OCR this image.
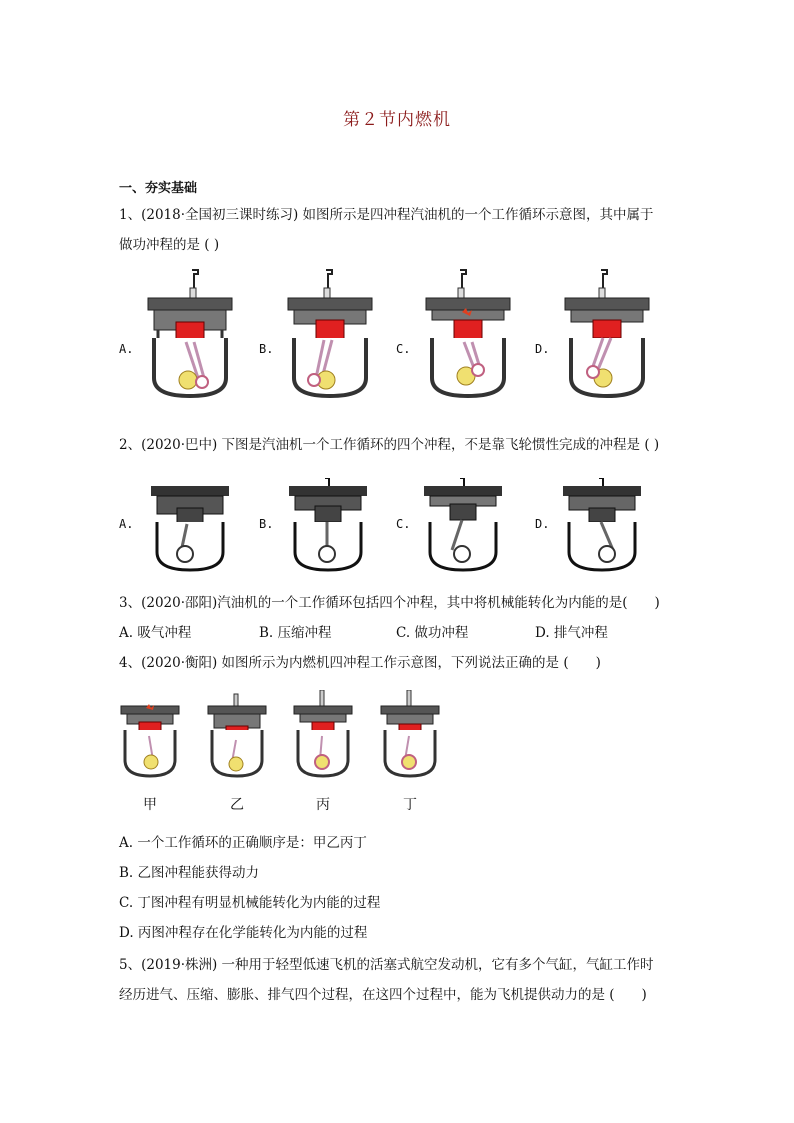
第２节内燃机
一、夯实基础
1、(2018·全国初三课时练习) 如图所示是四冲程汽油机的一个工作循环示意图，其中属于
做功冲程的是 ( )
A.	B.	C.	D.
2、(2020·巴中) 下图是汽油机一个工作循环的四个冲程，不是靠飞轮惯性完成的冲程是 ( )
A.	B.	C.	D.
3、(2020·邵阳)汽油机的一个工作循环包括四个冲程，其中将机械能转化为内能的是(　　)
A. 吸气冲程	B. 压缩冲程	C. 做功冲程	D. 排气冲程
4、(2020·衡阳) 如图所示为内燃机四冲程工作示意图，下列说法正确的是 (　　)
甲	乙	丙	丁
A. 一个工作循环的正确顺序是：甲乙丙丁
B. 乙图冲程能获得动力
C. 丁图冲程有明显机械能转化为内能的过程
D. 丙图冲程存在化学能转化为内能的过程
5、(2019·株洲) 一种用于轻型低速飞机的活塞式航空发动机，它有多个气缸，气缸工作时
经历进气、压缩、膨胀、排气四个过程，在这四个过程中，能为飞机提供动力的是 (　　)
